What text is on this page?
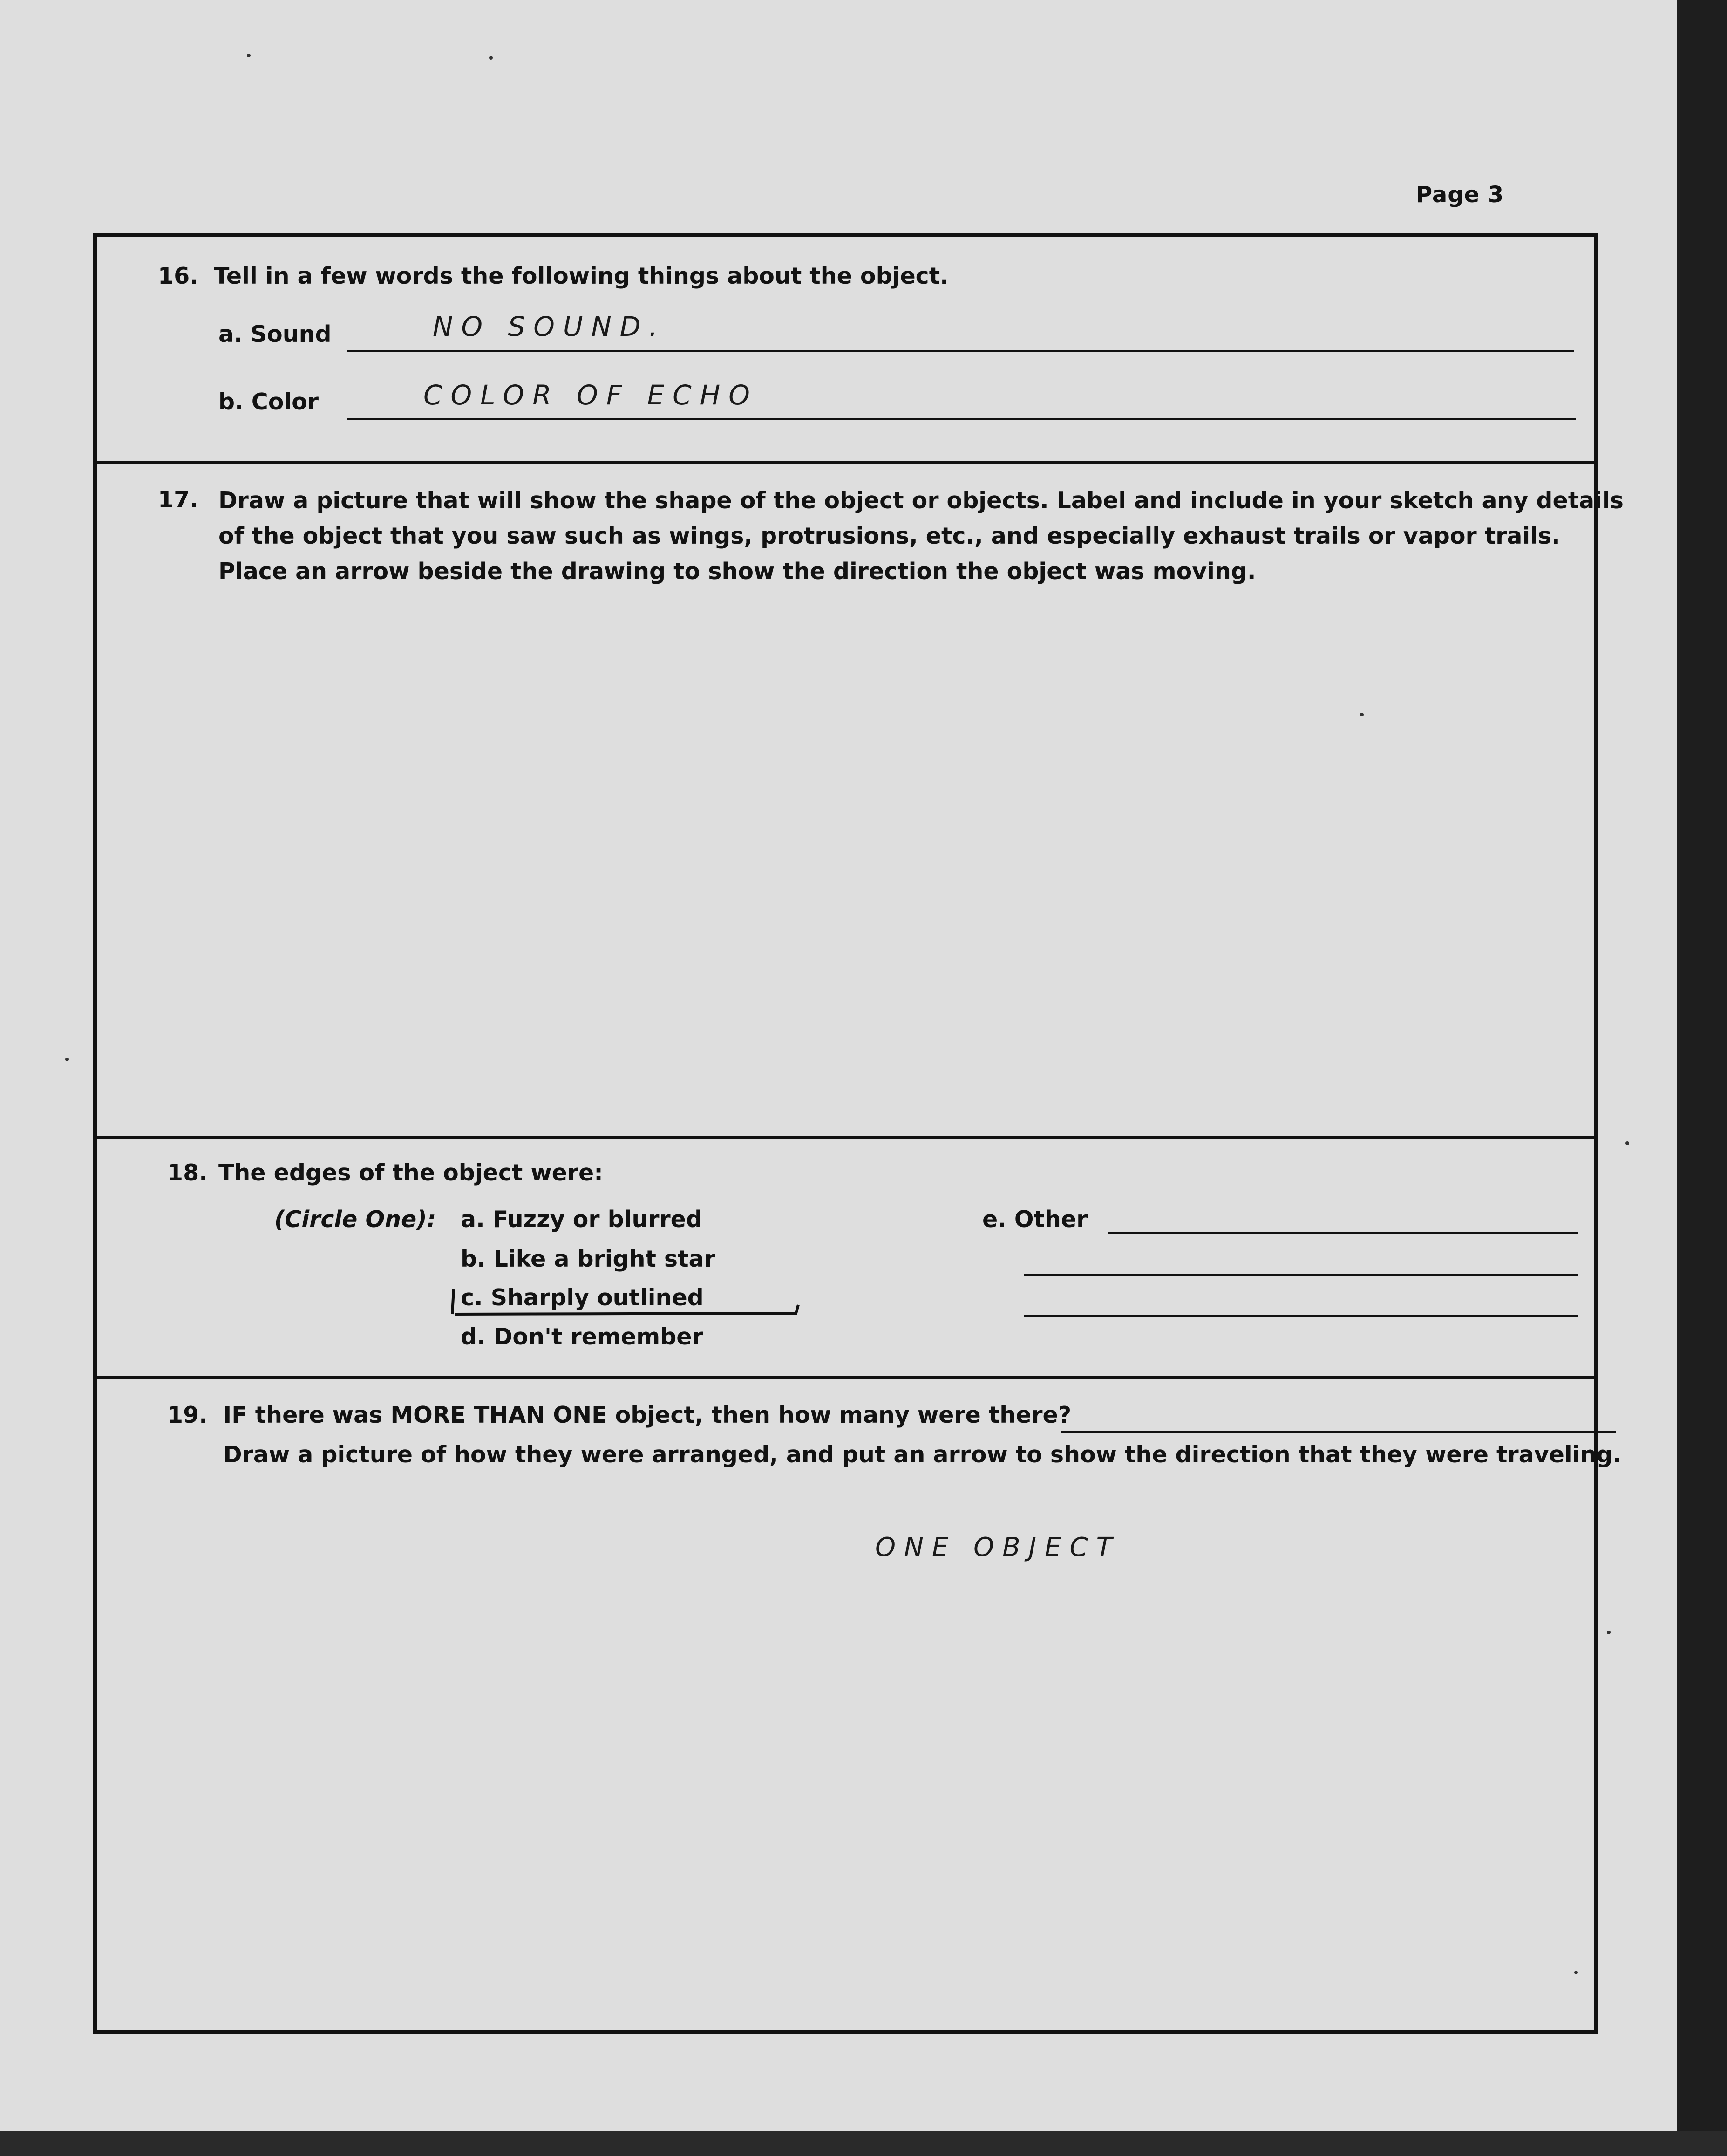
Page 3
16. Tell in a few words the following things about the object.
a. Sound	NO SOUND.
b. Color	COLOR OF ECHO
17. Draw a picture that will show the shape of the object or objects. Label and include in your sketch any details
of the object that you saw such as wings, protrusions, etc., and especially exhaust trails or vapor trails.
Place an arrow beside the drawing to show the direction the object was moving.
18. The edges of the object were:
(Circle One): a. Fuzzy or blurred
b. Like a bright star
c. Sharply outlined
d. Don't remember
e. Other
19. IF there was MORE THAN ONE object, then how many were there?
Draw a picture of how they were arranged, and put an arrow to show the direction that they were traveling.
ONE OBJECT
